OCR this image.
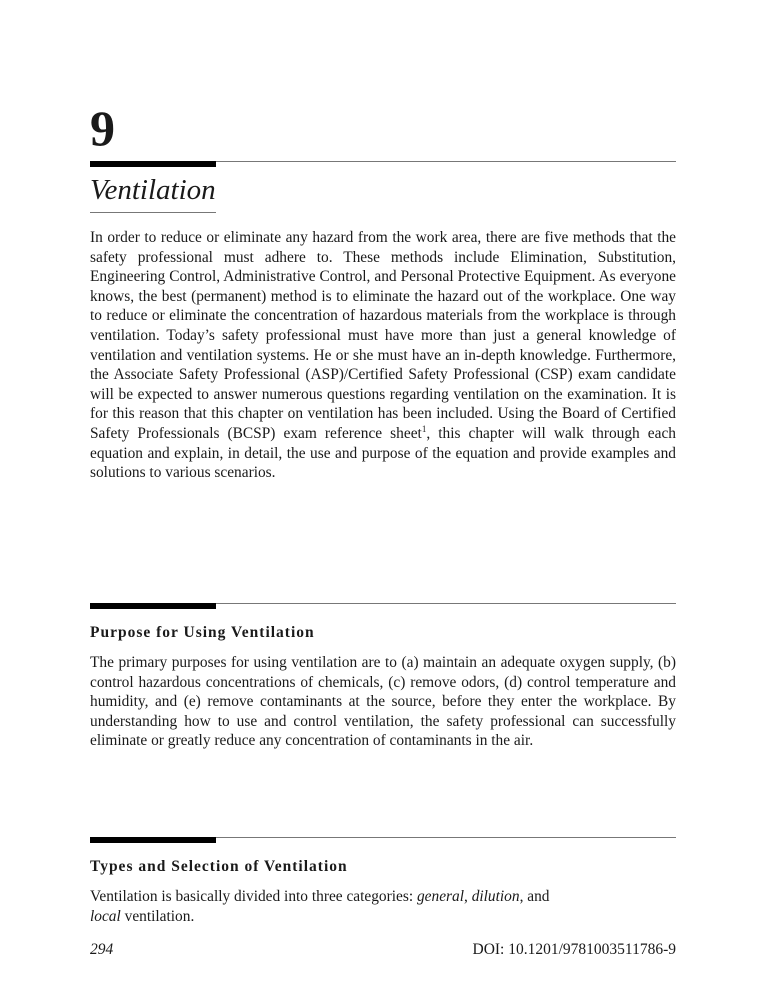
9
Ventilation

In order to reduce or eliminate any hazard from the work area, there are five methods that the safety professional must adhere to. These methods include Elimination, Substitution, Engineering Control, Administrative Control, and Personal Protective Equipment. As everyone knows, the best (permanent) method is to eliminate the hazard out of the workplace. One way to reduce or eliminate the concentration of hazardous materials from the workplace is through ventilation. Today’s safety professional must have more than just a general knowledge of ventilation and ventilation systems. He or she must have an in-depth knowledge. Furthermore, the Associate Safety Professional (ASP)/Certified Safety Professional (CSP) exam candidate will be expected to answer numerous questions regarding ventilation on the examination. It is for this reason that this chapter on ventilation has been included. Using the Board of Certified Safety Professionals (BCSP) exam reference sheet$^1$, this chapter will walk through each equation and explain, in detail, the use and purpose of the equation and provide examples and solutions to various scenarios.

Purpose for Using Ventilation

The primary purposes for using ventilation are to (a) maintain an adequate oxygen supply, (b) control hazardous concentrations of chemicals, (c) remove odors, (d) control temperature and humidity, and (e) remove contaminants at the source, before they enter the workplace. By understanding how to use and control ventilation, the safety professional can successfully eliminate or greatly reduce any concentration of contaminants in the air.

Types and Selection of Ventilation

Ventilation is basically divided into three categories: general, dilution, and
local ventilation.

294	DOI: 10.1201/9781003511786-9
